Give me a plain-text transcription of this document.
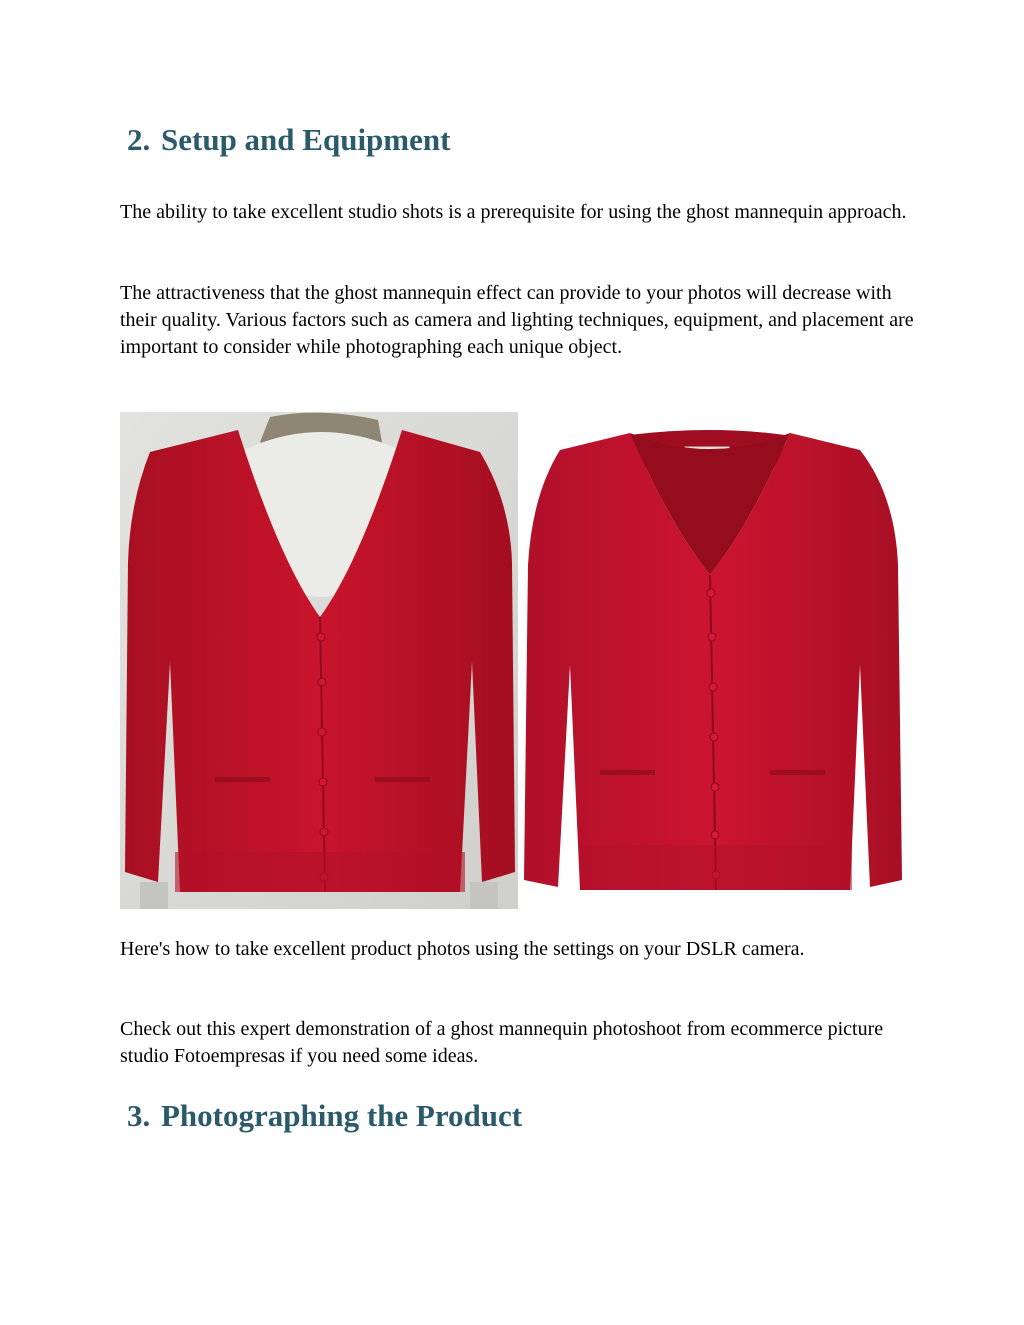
2. Setup and Equipment

The ability to take excellent studio shots is a prerequisite for using the ghost mannequin approach.

The attractiveness that the ghost mannequin effect can provide to your photos will decrease with their quality. Various factors such as camera and lighting techniques, equipment, and placement are important to consider while photographing each unique object.

Here's how to take excellent product photos using the settings on your DSLR camera.

Check out this expert demonstration of a ghost mannequin photoshoot from ecommerce picture studio Fotoempresas if you need some ideas.

3. Photographing the Product
